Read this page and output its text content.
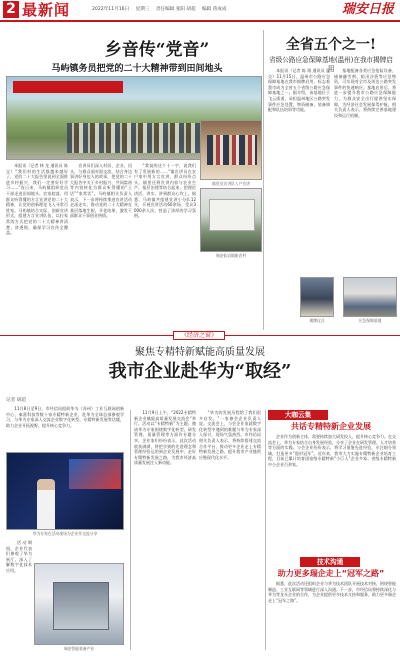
2 最新闻	2022年11月16日 星期三 责任编辑 张阳 胡超 编辑 蒋成成	瑞安日报
乡音传“党音”
马屿镇务员把党的二十大精神带到田间地头
　　本报讯（记者 林 龙 通讯员 陈宝）“我们村的生活都越来越好了，党的二十大报告里说到全面推进乡村振兴，我们一定要好好学习……”连日来，马屿镇组织党员干部走进田间地头、农家院落，用群众听得懂的方言宣讲党的二十大精神，让党的创新理论飞入寻常百姓家。马屿镇结合实际，创新宣讲形式，组建方言宣讲队伍，以拉家常的方式把党的二十大精神讲清楚、讲透彻，确保学习宣传全覆盖。
　　宣讲员们深入村居、企业、田头，与群众面对面交流，结合身边事讲好身边人的故事，把党的二十大报告中关于乡村振兴、共同富裕等内容转化为群众听得懂的“土话”“家常话”。马屿镇相关负责人表示，下一步将持续推进宣讲活动走深走实，推动党的二十大精神在基层落地生根、开花结果，激发干部群众干事创业热情。
　　“我说的这个十一字，说我们有了发展新的……”镇宣讲员在农户家中用方言宣讲，群众纷纷点头。镇里还将宣讲内容与农业生产、基层治理等结合起来，把理论讲活、讲实、讲到群众心坎上。据悉，马屿镇共组建宣讲小分队12支，开展宣讲活动60余场，受众3000余人次，营造了浓厚的学习氛围。
镇党员宣讲队入户宣讲
瑞安仙岩镇新农村
全省五个之一!
省级公路应急保障基地(温州)在我市揭牌启用
　　本报讯（记者 陈 翔 通讯员 温交）11月15日，温州市公路应急保障基地在我市揭牌启用，标志着我市成为全省五个省级公路应急保障基地之一。据介绍，该基地位于飞云街道，承担温州地区公路突发事件应急处置、物资储备、装备调配和队伍培训等功能。
　　基地配备各类应急抢险设备，储备融雪剂、防汛沙袋等应急物资，可实现对全市及周边公路突发事件的快速响应。基地启用后，将进一步提升我市公路应急保障能力，为群众安全出行提供坚实保障，为经济社会发展保驾护航。相关负责人表示，将持续完善基地建设和运行机制。
揭牌仪式	应急保障基地
《经济之窗》
聚焦专精特新赋能高质量发展
我市企业赴华为“取经”
记者 胡超
　　11月8日至9日，市经信局组织华为（苏州）工业互联网创新中心、秦嘉科技等数十家专精特新企业，赴华为全球总部参观学习，与华为专家深入交流企业数字化转型、专精特新发展等话题，助力企业开拓视野、提升核心竞争力。
华为专家在活动现场为企业作交流分享
　　活动期间，企业代表们参观了华为展厅，深入了解数字化技术应用。
瑞安智能装备产业
　　11月9日上午，“2022专精特新企业赋能高质量发展交流会”举行。活动以“专精特新”为主题，邀请华为专家围绕数字化转型、研发管理、质量管理等方面作专题分享。企业家们纷纷表示，此次活动收获满满，将把学到的先进理念和管理经验运用到企业发展中，走好专精特新发展之路，为我市经济高质量发展注入新动能。
　　“华为的发展历程给了我们很多启发。”一家参会企业负责人说。交流会上，与会企业家就数字化转型中遇到的难题与华为专家深入探讨，现场气氛热烈。市经信局相关负责人表示，将持续搭建交流合作平台，推动更多企业走上专精特新发展之路，提升我市产业链供应链现代化水平。
大咖云集
共话专精特新企业发展
　　企业作为创新主体，需要持续加大研发投入，提升核心竞争力。在交流会上，华为专家结合自身发展经验，分享了企业在研发管理、人才培养等方面的实践。与会企业纷纷表示，将学习借鉴先进经验，专注细分领域，打造更多“隐形冠军”。近年来，我市大力实施专精特新企业培育工程，目前已累计培育国家级专精特新“小巨人”企业多家、省级专精特新中小企业百余家。
技术沟通
助力更多瑞企走上“冠军之路”
　　据悉，此次活动还组织企业与华为技术团队开展技术对接，围绕智能制造、工业互联网等领域进行深入沟通。下一步，市经信局将持续深化与华为等龙头企业的合作，为企业提供更多技术支持和服务，助力更多瑞企走上“冠军之路”。
